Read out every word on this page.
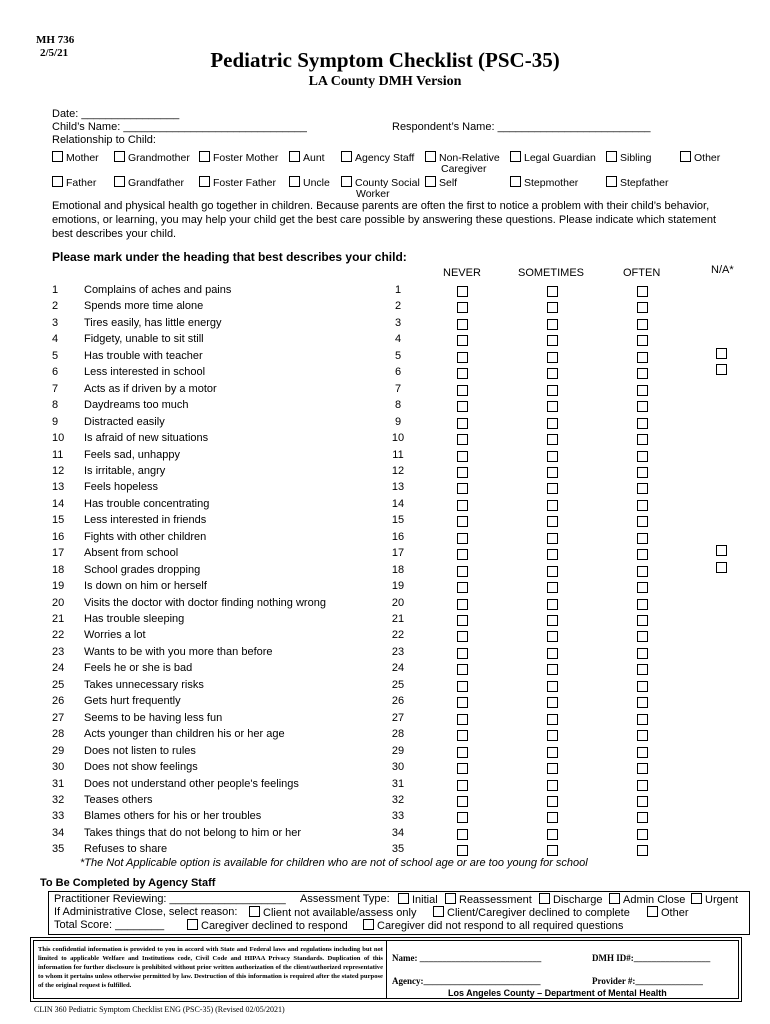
MH 736
2/5/21	Pediatric Symptom Checklist (PSC-35)
LA County DMH Version
Date: ________________
Child’s Name: ______________________________	Respondent’s Name: _________________________
Relationship to Child:
Mother	Grandmother	Foster Mother	Aunt	Agency Staff	Non-Relative	Legal Guardian	Sibling	Other
Caregiver
Father	Grandfather	Foster Father	Uncle	County Social	Self	Stepmother	Stepfather
Worker
Emotional and physical health go together in children. Because parents are often the first to notice a problem with their child’s behavior, emotions, or learning, you may help your child get the best care possible by answering these questions. Please indicate which statement best describes your child.
Please mark under the heading that best describes your child:
NEVER	SOMETIMES	OFTEN	N/A*
1	Complains of aches and pains	1
2	Spends more time alone	2
3	Tires easily, has little energy	3
4	Fidgety, unable to sit still	4
5	Has trouble with teacher	5
6	Less interested in school	6
7	Acts as if driven by a motor	7
8	Daydreams too much	8
9	Distracted easily	9
10	Is afraid of new situations	10
11	Feels sad, unhappy	11
12	Is irritable, angry	12
13	Feels hopeless	13
14	Has trouble concentrating	14
15	Less interested in friends	15
16	Fights with other children	16
17	Absent from school	17
18	School grades dropping	18
19	Is down on him or herself	19
20	Visits the doctor with doctor finding nothing wrong	20
21	Has trouble sleeping	21
22	Worries a lot	22
23	Wants to be with you more than before	23
24	Feels he or she is bad	24
25	Takes unnecessary risks	25
26	Gets hurt frequently	26
27	Seems to be having less fun	27
28	Acts younger than children his or her age	28
29	Does not listen to rules	29
30	Does not show feelings	30
31	Does not understand other people's feelings	31
32	Teases others	32
33	Blames others for his or her troubles	33
34	Takes things that do not belong to him or her	34
35	Refuses to share	35
*The Not Applicable option is available for children who are not of school age or are too young for school
To Be Completed by Agency Staff
Practitioner Reviewing: ___________________ Assessment Type:	Initial	Reassessment	Discharge	Admin Close	Urgent
If Administrative Close, select reason:	Client not available/assess only	Client/Caregiver declined to complete	Other
Total Score: ________	Caregiver declined to respond	Caregiver did not respond to all required questions
This confidential information is provided to you in accord with State and Federal laws and regulations including but not limited to applicable Welfare and Institutions code, Civil Code and HIPAA Privacy Standards. Duplication of this information for further disclosure is prohibited without prior written authorization of the client/authorized representative to whom it pertains unless otherwise permitted by law. Destruction of this information is required after the stated purpose of the original request is fulfilled.
Name: ___________________________	DMH ID#:_________________
Agency:__________________________	Provider #:_______________
Los Angeles County – Department of Mental Health
CLIN 360 Pediatric Symptom Checklist ENG (PSC-35) (Revised 02/05/2021)
